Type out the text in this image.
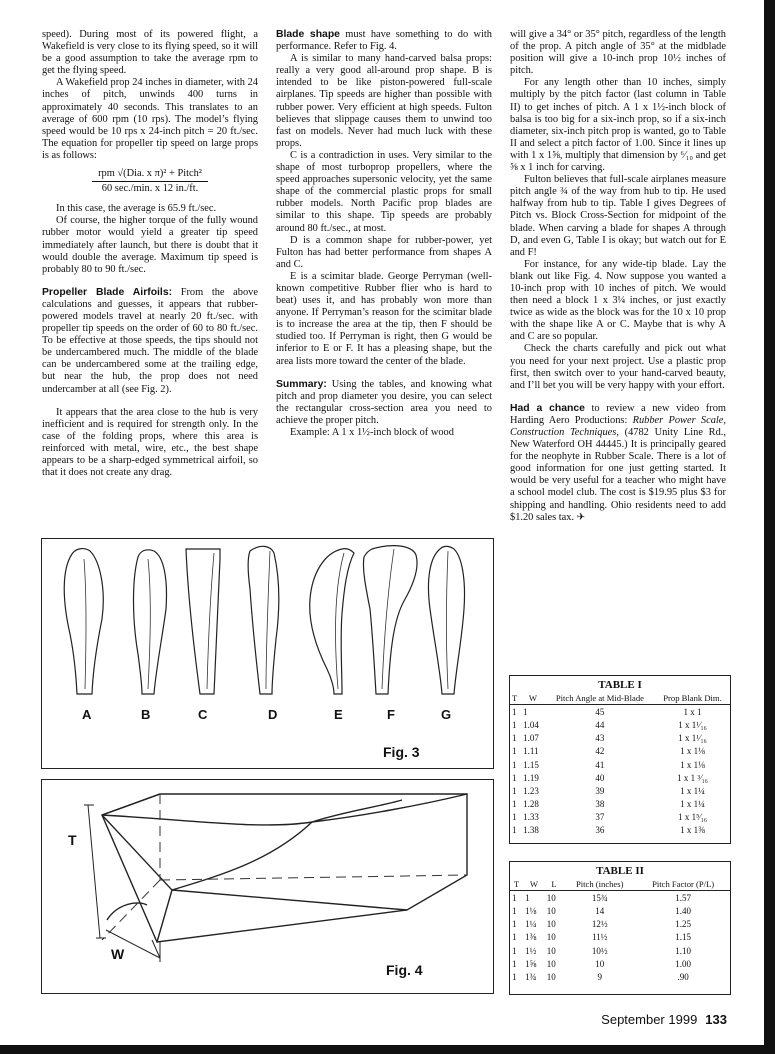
speed). During most of its powered flight, a Wakefield is very close to its flying speed, so it will be a good assumption to take the average rpm to get the flying speed.

A Wakefield prop 24 inches in diameter, with 24 inches of pitch, unwinds 400 turns in approximately 40 seconds. This translates to an average of 600 rpm (10 rps). The model’s flying speed would be 10 rps x 24-inch pitch = 20 ft./sec. The equation for propeller tip speed on large props is as follows:

rpm √(Dia. x π)² + Pitch²
60 sec./min. x 12 in./ft.

In this case, the average is 65.9 ft./sec.

Of course, the higher torque of the fully wound rubber motor would yield a greater tip speed immediately after launch, but there is doubt that it would double the average. Maximum tip speed is probably 80 to 90 ft./sec.

Propeller Blade Airfoils: From the above calculations and guesses, it appears that rubber-powered models travel at nearly 20 ft./sec. with propeller tip speeds on the order of 60 to 80 ft./sec. To be effective at those speeds, the tips should not be undercambered much. The middle of the blade can be undercambered some at the trailing edge, but near the hub, the prop does not need undercamber at all (see Fig. 2).

It appears that the area close to the hub is very inefficient and is required for strength only. In the case of the folding props, where this area is reinforced with metal, wire, etc., the best shape appears to be a sharp-edged symmetrical airfoil, so that it does not create any drag.

Blade shape must have something to do with performance. Refer to Fig. 4.

A is similar to many hand-carved balsa props: really a very good all-around prop shape. B is intended to be like piston-powered full-scale airplanes. Tip speeds are higher than possible with rubber power. Very efficient at high speeds. Fulton believes that slippage causes them to unwind too fast on models. Never had much luck with these props.

C is a contradiction in uses. Very similar to the shape of most turboprop propellers, where the speed approaches supersonic velocity, yet the same shape of the commercial plastic props for small rubber models. North Pacific prop blades are similar to this shape. Tip speeds are probably around 80 ft./sec., at most.

D is a common shape for rubber-power, yet Fulton has had better performance from shapes A and C.

E is a scimitar blade. George Perryman (well-known competitive Rubber flier who is hard to beat) uses it, and has probably won more than anyone. If Perryman’s reason for the scimitar blade is to increase the area at the tip, then F should be studied too. If Perryman is right, then G would be inferior to E or F. It has a pleasing shape, but the area lists more toward the center of the blade.

Summary: Using the tables, and knowing what pitch and prop diameter you desire, you can select the rectangular cross-section area you need to achieve the proper pitch.

Example: A 1 x 1½-inch block of wood

will give a 34° or 35° pitch, regardless of the length of the prop. A pitch angle of 35° at the midblade position will give a 10-inch prop 10½ inches of pitch.

For any length other than 10 inches, simply multiply by the pitch factor (last column in Table II) to get inches of pitch. A 1 x 1½-inch block of balsa is too big for a six-inch prop, so if a six-inch diameter, six-inch pitch prop is wanted, go to Table II and select a pitch factor of 1.00. Since it lines up with 1 x 1⅝, multiply that dimension by ⁶⁄₁₀ and get ⅝ x 1 inch for carving.

Fulton believes that full-scale airplanes measure pitch angle ¾ of the way from hub to tip. He used halfway from hub to tip. Table I gives Degrees of Pitch vs. Block Cross-Section for midpoint of the blade. When carving a blade for shapes A through D, and even G, Table I is okay; but watch out for E and F!

For instance, for any wide-tip blade. Lay the blank out like Fig. 4. Now suppose you wanted a 10-inch prop with 10 inches of pitch. We would then need a block 1 x 3¼ inches, or just exactly twice as wide as the block was for the 10 x 10 prop with the shape like A or C. Maybe that is why A and C are so popular.

Check the charts carefully and pick out what you need for your next project. Use a plastic prop first, then switch over to your hand-carved beauty, and I’ll bet you will be very happy with your effort.

Had a chance to review a new video from Harding Aero Productions: Rubber Power Scale, Construction Techniques, (4782 Unity Line Rd., New Waterford OH 44445.) It is principally geared for the neophyte in Rubber Scale. There is a lot of good information for one just getting started. It would be very useful for a teacher who might have a school model club. The cost is $19.95 plus $3 for shipping and handling. Ohio residents need to add $1.20 sales tax. ✈

A	B	C	D	E	F	G
Fig. 3
T
W
Fig. 4
TABLE I
T	W	Pitch Angle at Mid-Blade	Prop Blank Dim.
1	1	45	1 x 1
1	1.04	44	1 x 1¹⁄₁₆
1	1.07	43	1 x 1¹⁄₁₆
1	1.11	42	1 x 1⅛
1	1.15	41	1 x 1⅛
1	1.19	40	1 x 1 ³⁄₁₆
1	1.23	39	1 x 1¼
1	1.28	38	1 x 1¼
1	1.33	37	1 x 1⁵⁄₁₆
1	1.38	36	1 x 1⅜
TABLE II
T	W	L	Pitch (inches)	Pitch Factor (P/L)
1	1	10	15¾	1.57
1	1⅛	10	14	1.40
1	1¼	10	12½	1.25
1	1⅜	10	11½	1.15
1	1½	10	10½	1.10
1	1⅝	10	10	1.00
1	1¾	10	9	.90
September 1999 133
